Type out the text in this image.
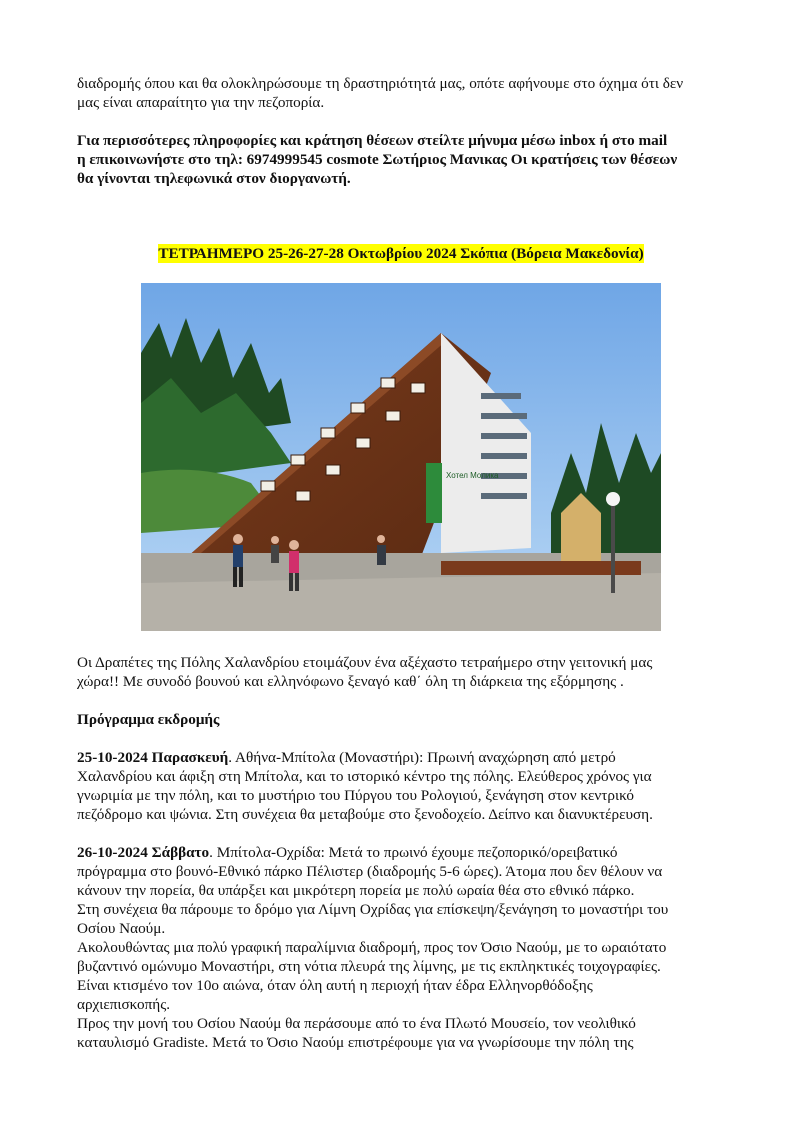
διαδρομής όπου και θα ολοκληρώσουμε τη δραστηριότητά μας, οπότε αφήνουμε στο όχημα ότι δεν

μας είναι απαραίτητο για την πεζοπορία.

Για περισσότερες πληροφορίες και κράτηση θέσεων στείλτε μήνυμα μέσω inbox ή στο mail

η επικοινωνήστε στο τηλ: 6974999545 cosmote Σωτήριος Μανικας Οι κρατήσεις των θέσεων

θα γίνονται τηλεφωνικά στον διοργανωτή.

ΤΕΤΡΑΗΜΕΡΟ 25-26-27-28 Οκτωβρίου 2024 Σκόπια (Βόρεια Μακεδονία)

Хотел Молика

Οι Δραπέτες της Πόλης Χαλανδρίου ετοιμάζουν ένα αξέχαστο τετραήμερο στην γειτονική μας

χώρα!! Με συνοδό βουνού και ελληνόφωνο ξεναγό καθ΄ όλη τη διάρκεια της εξόρμησης .

Πρόγραμμα εκδρομής

25-10-2024 Παρασκευή. Αθήνα-Μπίτολα (Μοναστήρι): Πρωινή αναχώρηση από μετρό

Χαλανδρίου και άφιξη στη Μπίτολα, και το ιστορικό κέντρο της πόλης. Ελεύθερος χρόνος για

γνωριμία με την πόλη, και το μυστήριο του Πύργου του Ρολογιού, ξενάγηση στον κεντρικό

πεζόδρομο και ψώνια. Στη συνέχεια θα μεταβούμε στο ξενοδοχείο. Δείπνο και διανυκτέρευση.

26-10-2024 Σάββατο. Μπίτολα-Οχρίδα: Μετά το πρωινό έχουμε πεζοπορικό/ορειβατικό

πρόγραμμα στο βουνό-Εθνικό πάρκο Πέλιστερ (διαδρομής 5-6 ώρες). Άτομα που δεν θέλουν να

κάνουν την πορεία, θα υπάρξει και μικρότερη πορεία με πολύ ωραία θέα στο εθνικό πάρκο.

Στη συνέχεια θα πάρουμε το δρόμο για Λίμνη Οχρίδας για επίσκεψη/ξενάγηση το μοναστήρι του

Οσίου Ναούμ.

Ακολουθώντας μια πολύ γραφική παραλίμνια διαδρομή, προς τον Όσιο Ναούμ, με το ωραιότατο

βυζαντινό ομώνυμο Μοναστήρι, στη νότια πλευρά της λίμνης, με τις εκπληκτικές τοιχογραφίες.

Είναι κτισμένο τον 10ο αιώνα, όταν όλη αυτή η περιοχή ήταν έδρα Ελληνορθόδοξης

αρχιεπισκοπής.

Προς την μονή του Οσίου Ναούμ θα περάσουμε από το ένα Πλωτό Μουσείο, τον νεολιθικό

καταυλισμό Gradiste. Μετά το Όσιο Ναούμ επιστρέφουμε για να γνωρίσουμε την πόλη της
